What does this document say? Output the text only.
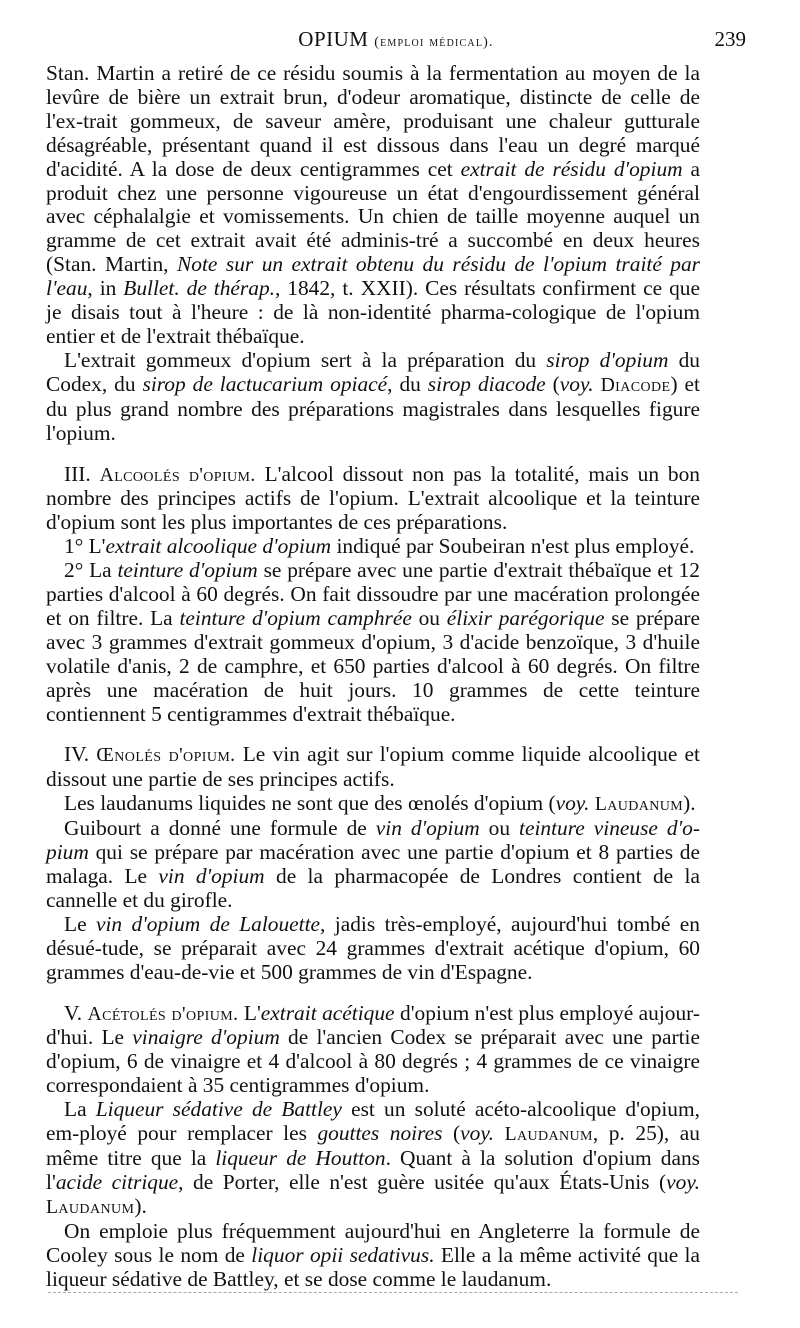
OPIUM (emploi médical).	239

Stan. Martin a retiré de ce résidu soumis à la fermentation au moyen de la levûre de bière un extrait brun, d'odeur aromatique, distincte de celle de l'ex-trait gommeux, de saveur amère, produisant une chaleur gutturale désagréable, présentant quand il est dissous dans l'eau un degré marqué d'acidité. A la dose de deux centigrammes cet extrait de résidu d'opium a produit chez une personne vigoureuse un état d'engourdissement général avec céphalalgie et vomissements. Un chien de taille moyenne auquel un gramme de cet extrait avait été adminis-tré a succombé en deux heures (Stan. Martin, Note sur un extrait obtenu du résidu de l'opium traité par l'eau, in Bullet. de thérap., 1842, t. XXII). Ces résultats confirment ce que je disais tout à l'heure : de là non-identité pharma-cologique de l'opium entier et de l'extrait thébaïque.

L'extrait gommeux d'opium sert à la préparation du sirop d'opium du Codex, du sirop de lactucarium opiacé, du sirop diacode (voy. Diacode) et du plus grand nombre des préparations magistrales dans lesquelles figure l'opium.

III. Alcoolés d'opium. L'alcool dissout non pas la totalité, mais un bon nombre des principes actifs de l'opium. L'extrait alcoolique et la teinture d'opium sont les plus importantes de ces préparations.

1° L'extrait alcoolique d'opium indiqué par Soubeiran n'est plus employé.

2° La teinture d'opium se prépare avec une partie d'extrait thébaïque et 12 parties d'alcool à 60 degrés. On fait dissoudre par une macération prolongée et on filtre. La teinture d'opium camphrée ou élixir parégorique se prépare avec 3 grammes d'extrait gommeux d'opium, 3 d'acide benzoïque, 3 d'huile volatile d'anis, 2 de camphre, et 650 parties d'alcool à 60 degrés. On filtre après une macération de huit jours. 10 grammes de cette teinture contiennent 5 centigrammes d'extrait thébaïque.

IV. Œnolés d'opium. Le vin agit sur l'opium comme liquide alcoolique et dissout une partie de ses principes actifs.

Les laudanums liquides ne sont que des œnolés d'opium (voy. Laudanum).

Guibourt a donné une formule de vin d'opium ou teinture vineuse d'o-pium qui se prépare par macération avec une partie d'opium et 8 parties de malaga. Le vin d'opium de la pharmacopée de Londres contient de la cannelle et du girofle.

Le vin d'opium de Lalouette, jadis très-employé, aujourd'hui tombé en désué-tude, se préparait avec 24 grammes d'extrait acétique d'opium, 60 grammes d'eau-de-vie et 500 grammes de vin d'Espagne.

V. Acétolés d'opium. L'extrait acétique d'opium n'est plus employé aujour-d'hui. Le vinaigre d'opium de l'ancien Codex se préparait avec une partie d'opium, 6 de vinaigre et 4 d'alcool à 80 degrés ; 4 grammes de ce vinaigre correspondaient à 35 centigrammes d'opium.

La Liqueur sédative de Battley est un soluté acéto-alcoolique d'opium, em-ployé pour remplacer les gouttes noires (voy. Laudanum, p. 25), au même titre que la liqueur de Houtton. Quant à la solution d'opium dans l'acide citrique, de Porter, elle n'est guère usitée qu'aux États-Unis (voy. Laudanum).

On emploie plus fréquemment aujourd'hui en Angleterre la formule de Cooley sous le nom de liquor opii sedativus. Elle a la même activité que la liqueur sédative de Battley, et se dose comme le laudanum.
